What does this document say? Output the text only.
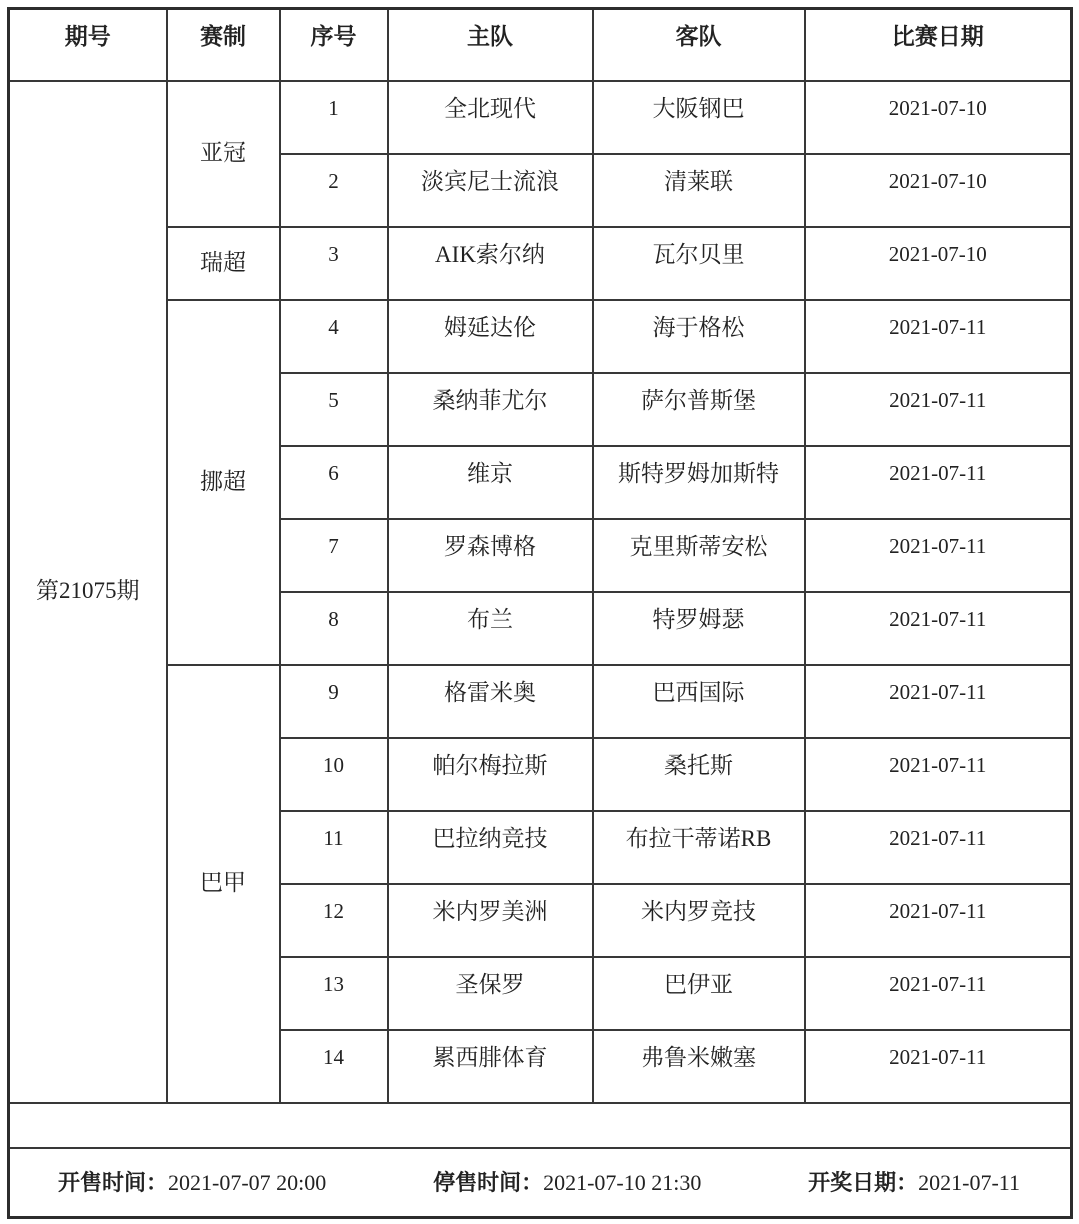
期号	赛制	序号	主队	客队	比赛日期
第21075期	亚冠	1	全北现代	大阪钢巴	2021-07-10
		2	淡宾尼士流浪	清莱联	2021-07-10
	瑞超	3	AIK索尔纳	瓦尔贝里	2021-07-10
	挪超	4	姆延达伦	海于格松	2021-07-11
		5	桑纳菲尤尔	萨尔普斯堡	2021-07-11
		6	维京	斯特罗姆加斯特	2021-07-11
		7	罗森博格	克里斯蒂安松	2021-07-11
		8	布兰	特罗姆瑟	2021-07-11
	巴甲	9	格雷米奥	巴西国际	2021-07-11
		10	帕尔梅拉斯	桑托斯	2021-07-11
		11	巴拉纳竞技	布拉干蒂诺RB	2021-07-11
		12	米内罗美洲	米内罗竞技	2021-07-11
		13	圣保罗	巴伊亚	2021-07-11
		14	累西腓体育	弗鲁米嫩塞	2021-07-11

开售时间：2021-07-07 20:00 停售时间：2021-07-10 21:30 开奖日期：2021-07-11					
